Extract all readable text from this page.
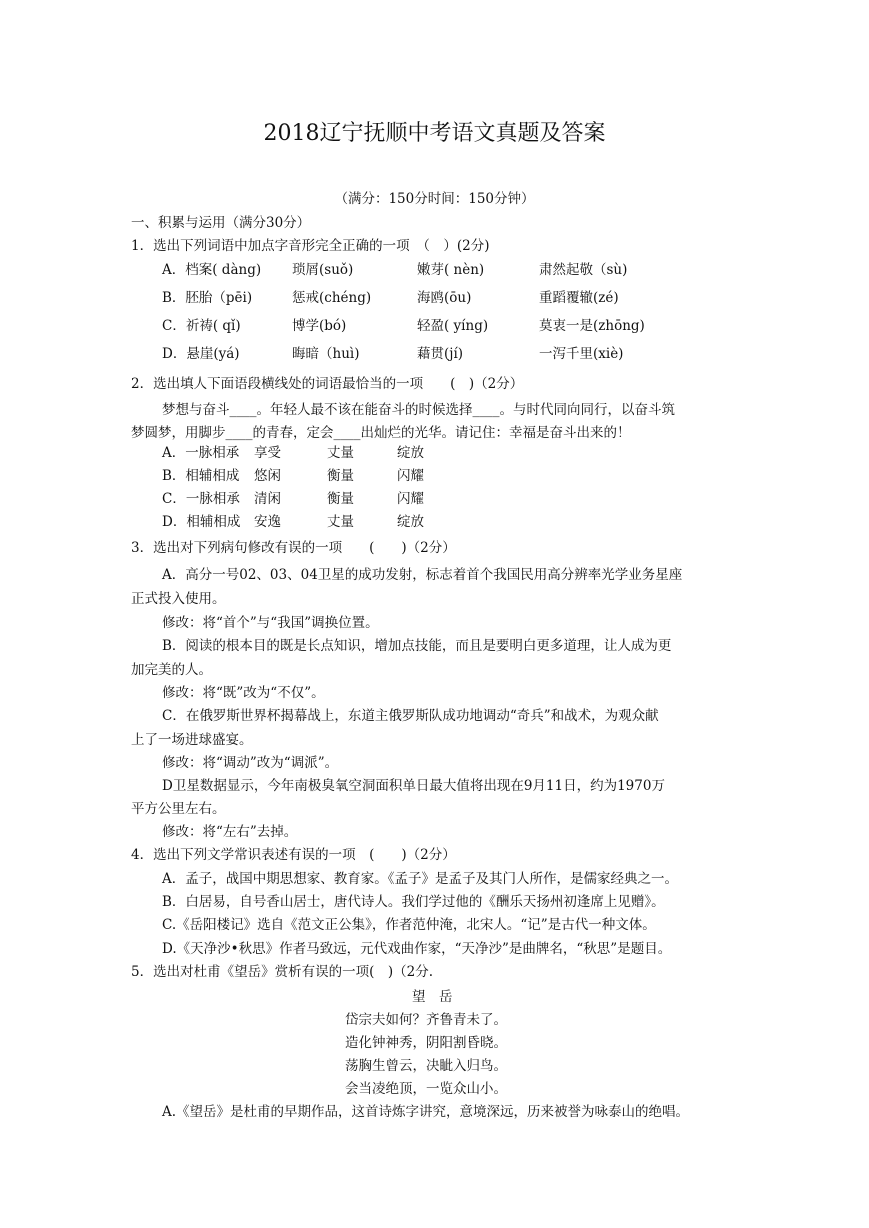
2018辽宁抚顺中考语文真题及答案
（满分：150分时间：150分钟）
一、积累与运用（满分30分）
1．选出下列词语中加点字音形完全正确的一项　（　）(2分)
A．档案( dàng)	琐屑(suǒ)	嫩芽( nèn)	肃然起敬（sù)
B．胚胎（pēi)	惩戒(chéng)	海鸥(ōu)	重蹈覆辙(zé)
C．祈祷( qǐ)	博学(bó)	轻盈( yíng)	莫衷一是(zhōng)
D．悬崖(yá)	晦暗（huì)	藉贯(jí)	一泻千里(xiè)
2．选出填人下面语段横线处的词语最恰当的一项　　(　)（2分）
梦想与奋斗____。年轻人最不该在能奋斗的时候选择____。与时代同向同行，以奋斗筑
梦圆梦，用脚步____的青春，定会____出灿烂的光华。请记住：幸福是奋斗出来的！
A．一脉相承	享受	丈量	绽放
B．相辅相成	悠闲	衡量	闪耀
C．一脉相承	清闲	衡量	闪耀
D．相辅相成	安逸	丈量	绽放
3．选出对下列病句修改有误的一项　　(　　)（2分）
A．高分一号02、03、04卫星的成功发射，标志着首个我国民用高分辨率光学业务星座
正式投入使用。
修改：将“首个”与“我国”调换位置。
B．阅读的根本目的既是长点知识，增加点技能，而且是要明白更多道理，让人成为更
加完美的人。
修改：将“既”改为“不仅”。
C．在俄罗斯世界杯揭幕战上，东道主俄罗斯队成功地调动“奇兵”和战术，为观众献
上了一场进球盛宴。
修改：将“调动”改为“调派”。
D卫星数据显示，今年南极臭氧空洞面积单日最大值将出现在9月11日，约为1970万
平方公里左右。
修改：将“左右”去掉。
4．选出下列文学常识表述有误的一项　(　　)（2分）
A．孟子，战国中期思想家、教育家。《孟子》是孟子及其门人所作，是儒家经典之一。
B．白居易，自号香山居士，唐代诗人。我们学过他的《酬乐天扬州初逢席上见赠》。
C.《岳阳楼记》选自《范文正公集》，作者范仲淹，北宋人。“记”是古代一种文体。
D.《天净沙•秋思》作者马致远，元代戏曲作家，“天净沙”是曲牌名，“秋思”是题目。
5．选出对杜甫《望岳》赏析有误的一项(　)（2分.
望　岳
岱宗夫如何？齐鲁青未了。
造化钟神秀，阴阳割昏晓。
荡胸生曾云，决眦入归鸟。
会当凌绝顶，一览众山小。
A.《望岳》是杜甫的早期作品，这首诗炼字讲究，意境深远，历来被誉为咏泰山的绝唱。
